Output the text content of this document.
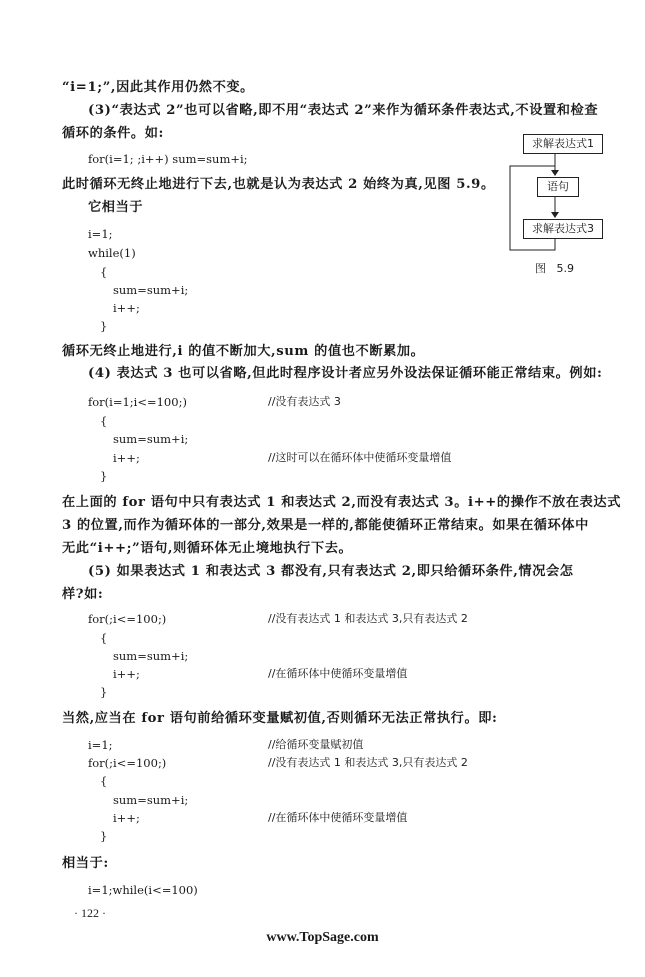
“i=1;”,因此其作用仍然不变。
(3)“表达式 2”也可以省略,即不用“表达式 2”来作为循环条件表达式,不设置和检查
循环的条件。如:
for(i=1; ;i++) sum=sum+i;
此时循环无终止地进行下去,也就是认为表达式 2 始终为真,见图 5.9。
它相当于
i=1;
while(1)
{
sum=sum+i;
i++;
}
求解表达式1
语句
求解表达式3
图   5.9
循环无终止地进行,i 的值不断加大,sum 的值也不断累加。
(4) 表达式 3 也可以省略,但此时程序设计者应另外设法保证循环能正常结束。例如:
for(i=1;i<=100;)	//没有表达式 3
{
sum=sum+i;
i++;	//这时可以在循环体中使循环变量增值
}
在上面的 for 语句中只有表达式 1 和表达式 2,而没有表达式 3。i++的操作不放在表达式
3 的位置,而作为循环体的一部分,效果是一样的,都能使循环正常结束。如果在循环体中
无此“i++;”语句,则循环体无止境地执行下去。
(5) 如果表达式 1 和表达式 3 都没有,只有表达式 2,即只给循环条件,情况会怎
样?如:
for(;i<=100;)	//没有表达式 1 和表达式 3,只有表达式 2
{
sum=sum+i;
i++;	//在循环体中使循环变量增值
}
当然,应当在 for 语句前给循环变量赋初值,否则循环无法正常执行。即:
i=1;	//给循环变量赋初值
for(;i<=100;)	//没有表达式 1 和表达式 3,只有表达式 2
{
sum=sum+i;
i++;	//在循环体中使循环变量增值
}
相当于:
i=1;while(i<=100)
· 122 ·
www.TopSage.com
